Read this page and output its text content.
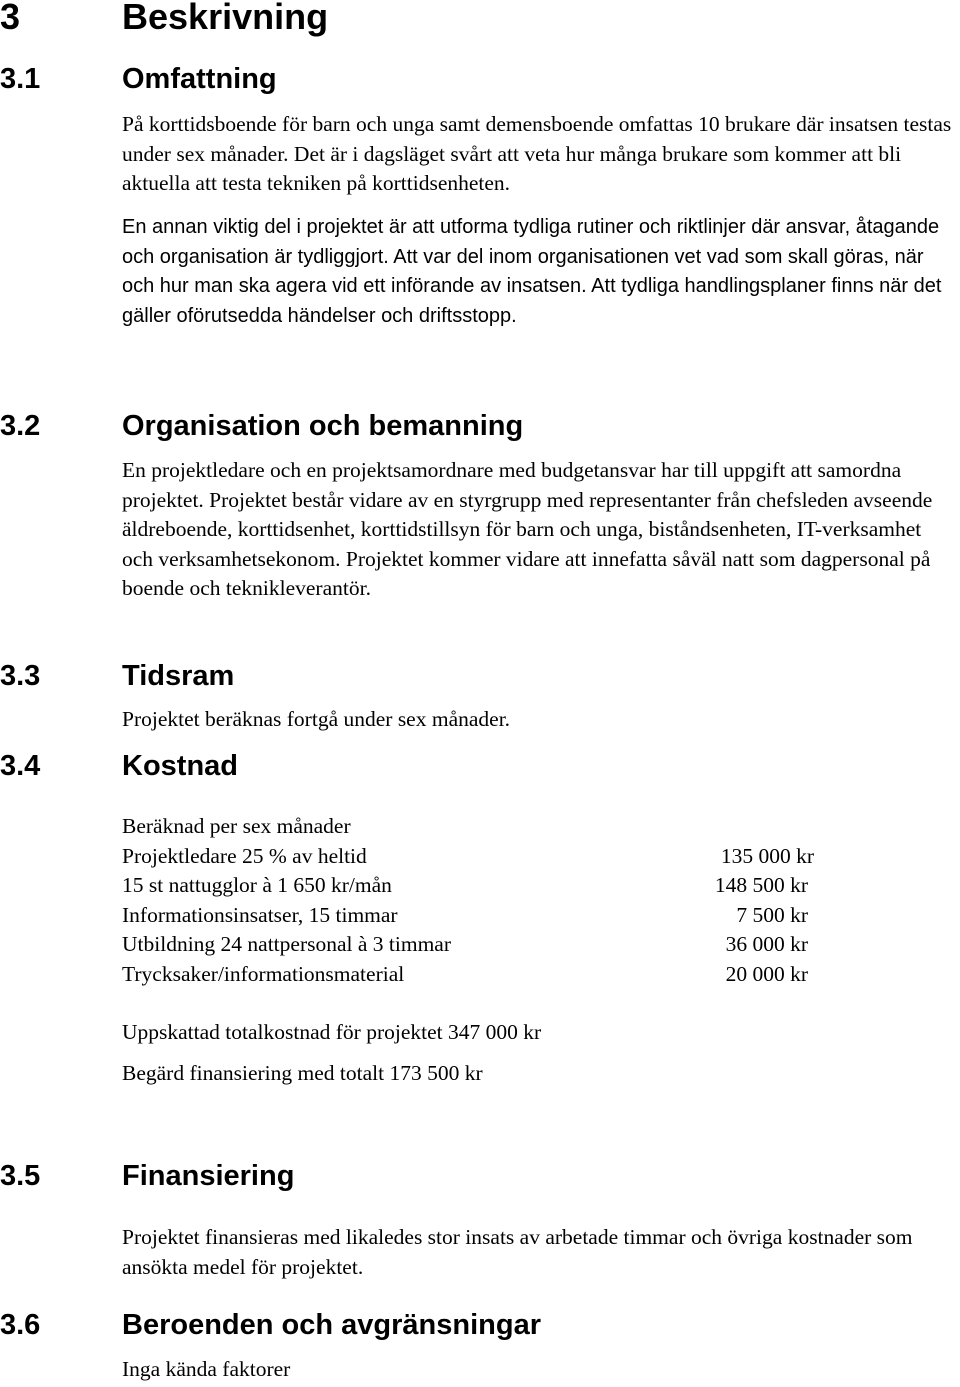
3	Beskrivning
3.1	Omfattning
På korttidsboende för barn och unga samt demensboende omfattas 10 brukare där insatsen testas under sex månader. Det är i dagsläget svårt att veta hur många brukare som kommer att bli aktuella att testa tekniken på korttidsenheten.
En annan viktig del i projektet är att utforma tydliga rutiner och riktlinjer där ansvar, åtagande och organisation är tydliggjort. Att var del inom organisationen vet vad som skall göras, när och hur man ska agera vid ett införande av insatsen. Att tydliga handlingsplaner finns när det gäller oförutsedda händelser och driftsstopp.
3.2	Organisation och bemanning
En projektledare och en projektsamordnare med budgetansvar har till uppgift att samordna projektet. Projektet består vidare av en styrgrupp med representanter från chefsleden avseende äldreboende, korttidsenhet, korttidstillsyn för barn och unga, biståndsenheten, IT-verksamhet och verksamhetsekonom. Projektet kommer vidare att innefatta såväl natt som dagpersonal på boende och teknikleverantör.
3.3	Tidsram
Projektet beräknas fortgå under sex månader.
3.4	Kostnad
Beräknad per sex månader
Projektledare 25 % av heltid	135 000 kr
15 st nattugglor à 1 650 kr/mån	148 500 kr
Informationsinsatser, 15 timmar	7 500 kr
Utbildning 24 nattpersonal à 3 timmar	36 000 kr
Trycksaker/informationsmaterial	20 000 kr
Uppskattad totalkostnad för projektet 347 000 kr
Begärd finansiering med totalt 173 500 kr
3.5	Finansiering
Projektet finansieras med likaledes stor insats av arbetade timmar och övriga kostnader som ansökta medel för projektet.
3.6	Beroenden och avgränsningar
Inga kända faktorer
